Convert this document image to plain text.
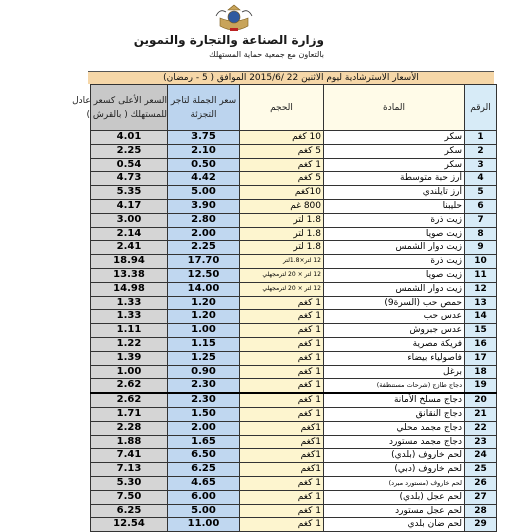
وزارة الصناعة والتجارة والتموين
بالتعاون مع جمعية حماية المستهلك
الأسعار الاسترشادية ليوم الاثنين 22 /2015/6 الموافق ( 5 - رمضان)
السعر الأعلى كسعر عادل
للمستهلك ( بالقرش )	سعر الجملة لتاجر
التجزئة	الحجم	المادة	الرقم
4.01	3.75	10 كغم	سكر	1
2.25	2.10	5 كغم	سكر	2
0.54	0.50	1 كغم	سكر	3
4.73	4.42	5 كغم	أرز حبة متوسطة	4
5.35	5.00	10كغم	أرز تايلندي	5
4.17	3.90	800 غم	حليبنا	6
3.00	2.80	1.8 لتر	زيت ذرة	7
2.14	2.00	1.8 لتر	زيت صويا	8
2.41	2.25	1.8 لتر	زيت دوار الشمس	9
18.94	17.70	12 لتر×1.8لتر	زيت ذرة	10
13.38	12.50	12 لتر × 20 لترمجهلي	زيت صويا	11
14.98	14.00	12 لتر × 20 لترمجهلي	زيت دوار الشمس	12
1.33	1.20	1 كغم	حمص حب (السرة9)	13
1.33	1.20	1 كغم	عدس حب	14
1.11	1.00	1 كغم	عدس جبروش	15
1.22	1.15	1 كغم	فريكة مصرية	16
1.39	1.25	1 كغم	فاصولياء بيضاء	17
1.00	0.90	1 كغم	برغل	18
2.62	2.30	1 كغم	دجاج طازج (شرحات مستنظفة)	19
2.62	2.30	1 كغم	دجاج مسلخ الأمانة	20
1.71	1.50	1 كغم	دجاج النقانق	21
2.28	2.00	1كغم	دجاج مجمد محلي	22
1.88	1.65	1كغم	دجاج مجمد مستورد	23
7.41	6.50	1كغم	لحم خاروف (بلدي)	24
7.13	6.25	1كغم	لحم خاروف (دبي)	25
5.30	4.65	1 كغم	لحم خاروف (مستورد مبرد)	26
7.50	6.00	1 كغم	لحم عجل (بلدي)	27
6.25	5.00	1 كغم	لحم عجل مستورد	28
12.54	11.00	1 كغم	لحم ضان بلدي	29
